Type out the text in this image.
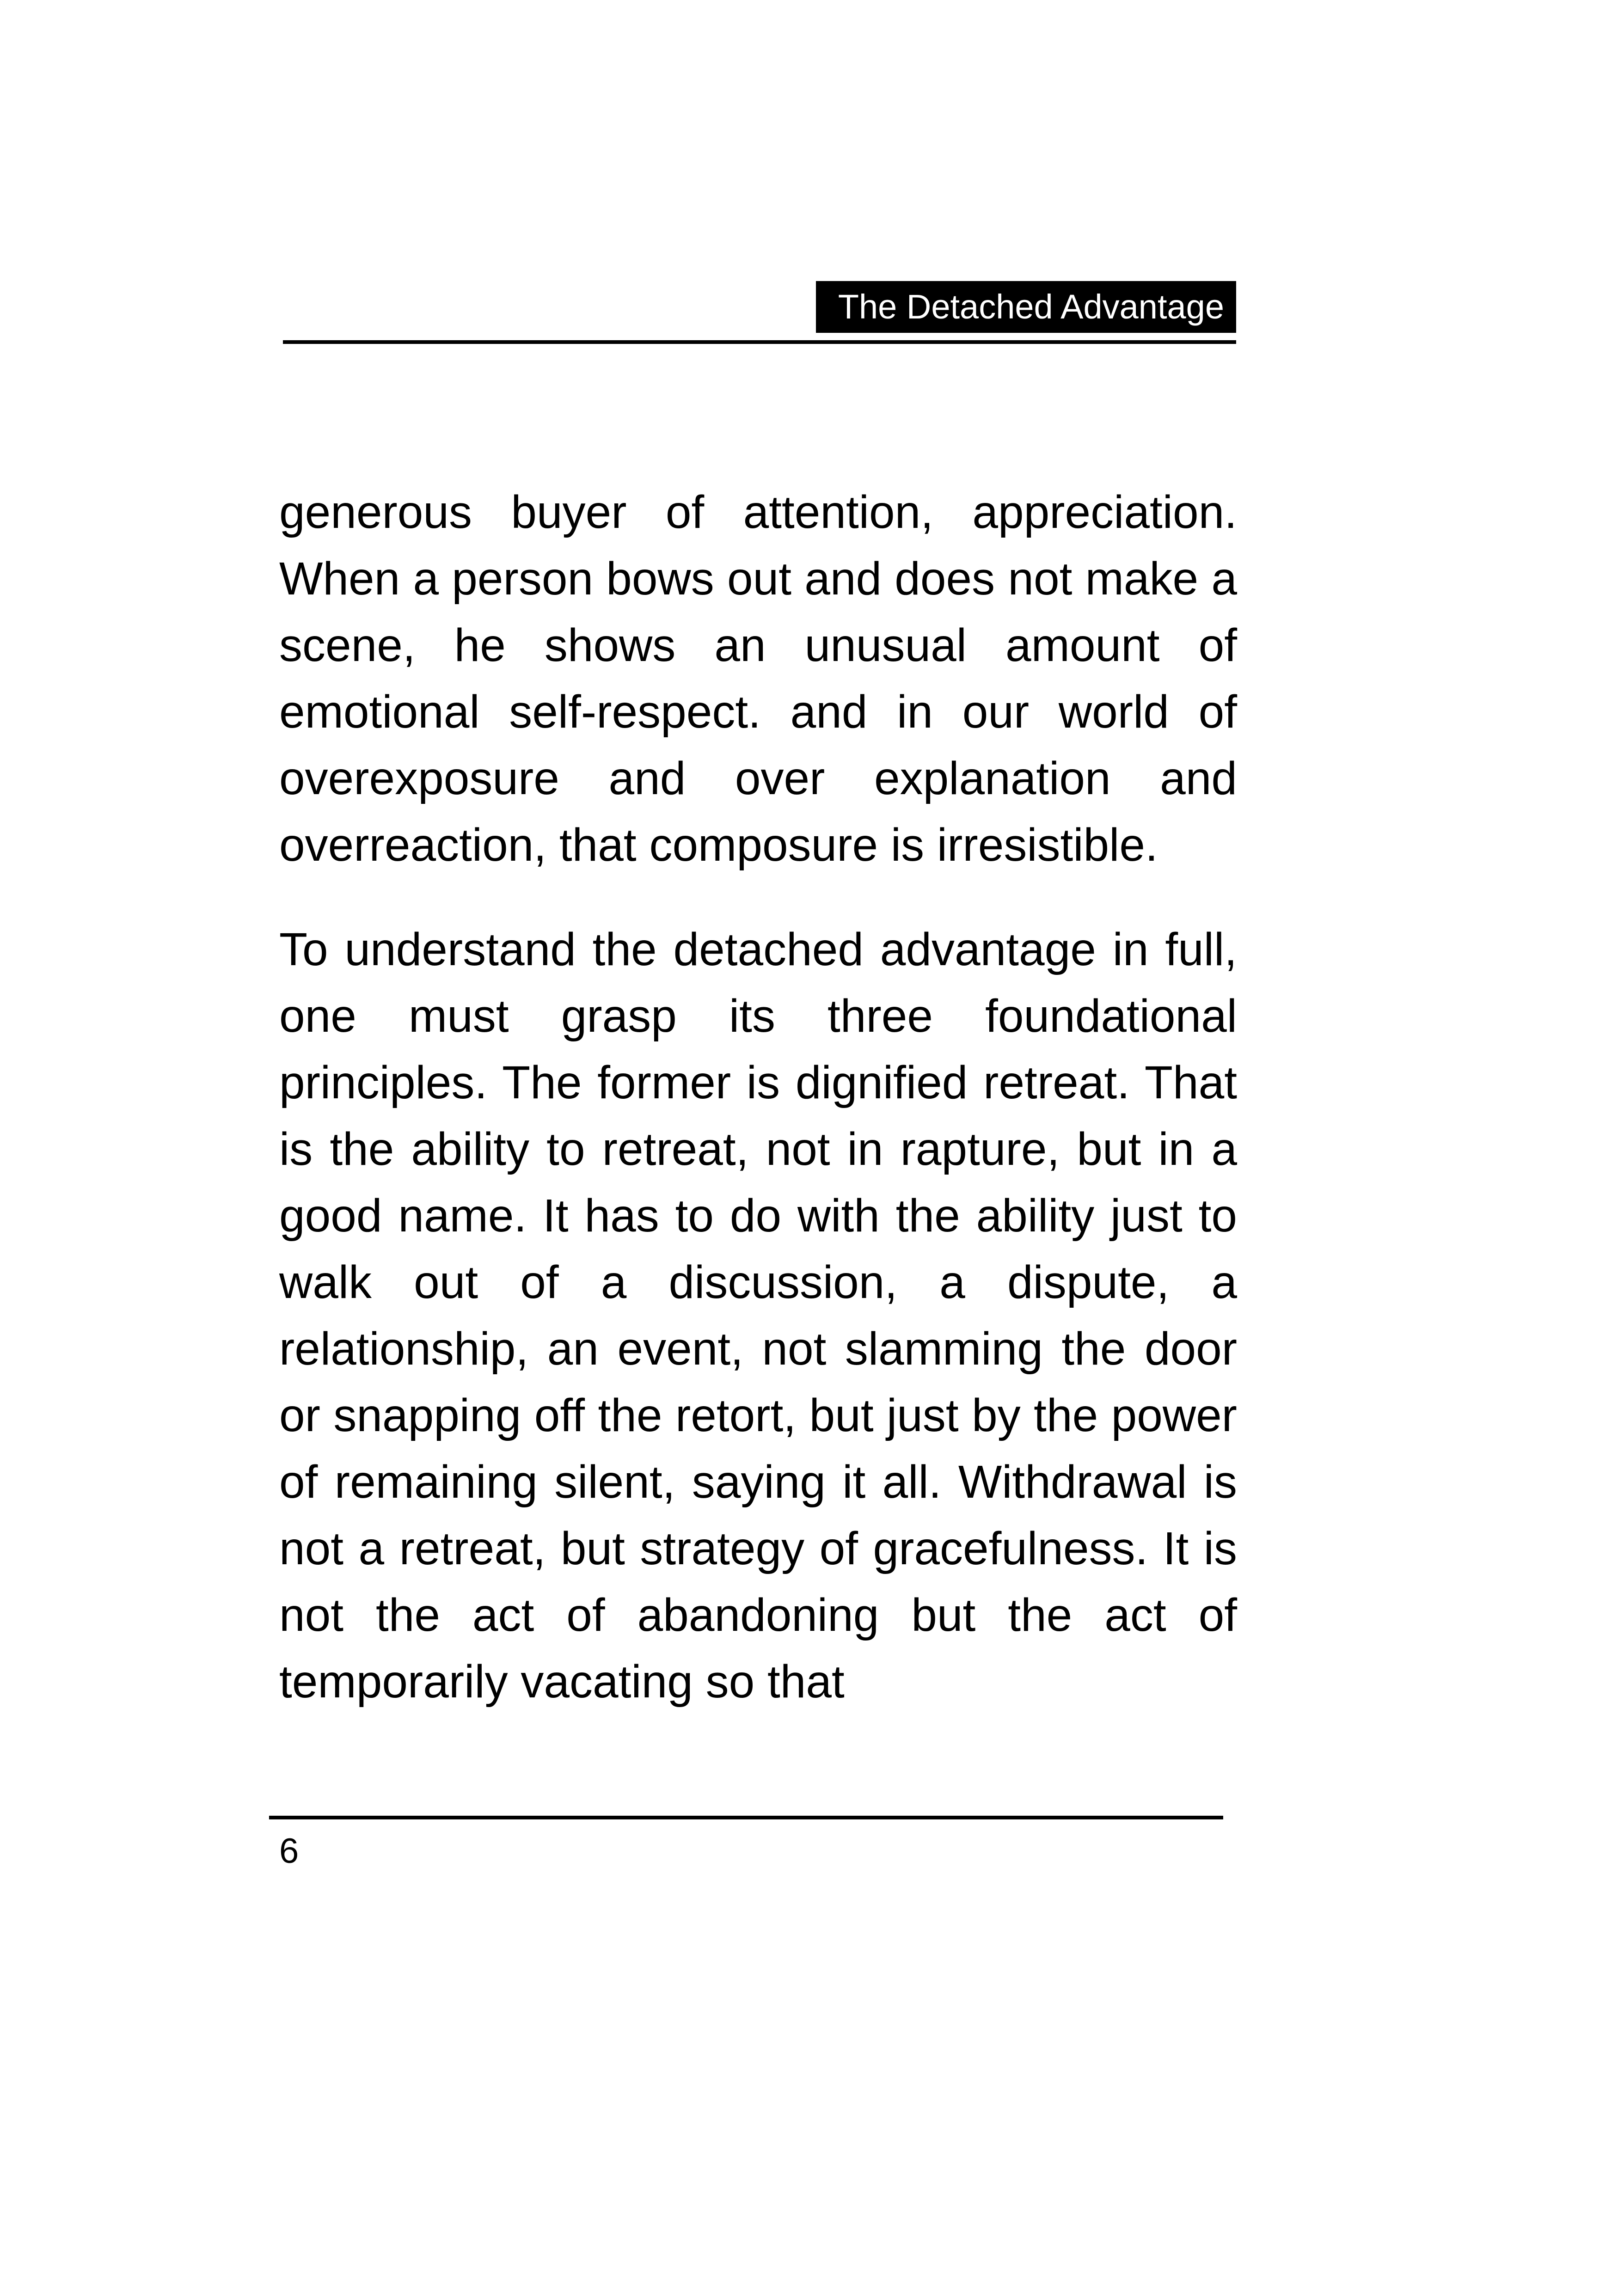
The Detached Advantage

generous buyer of attention, appreciation. When a person bows out and does not make a scene, he shows an unusual amount of emotional self-respect. and in our world of overexposure and over explanation and overreaction, that composure is irresistible.

To understand the detached advantage in full, one must grasp its three foundational principles. The former is dignified retreat. That is the ability to retreat, not in rapture, but in a good name. It has to do with the ability just to walk out of a discussion, a dispute, a relationship, an event, not slamming the door or snapping off the retort, but just by the power of remaining silent, saying it all. Withdrawal is not a retreat, but strategy of gracefulness. It is not the act of abandoning but the act of temporarily vacating so that

6
